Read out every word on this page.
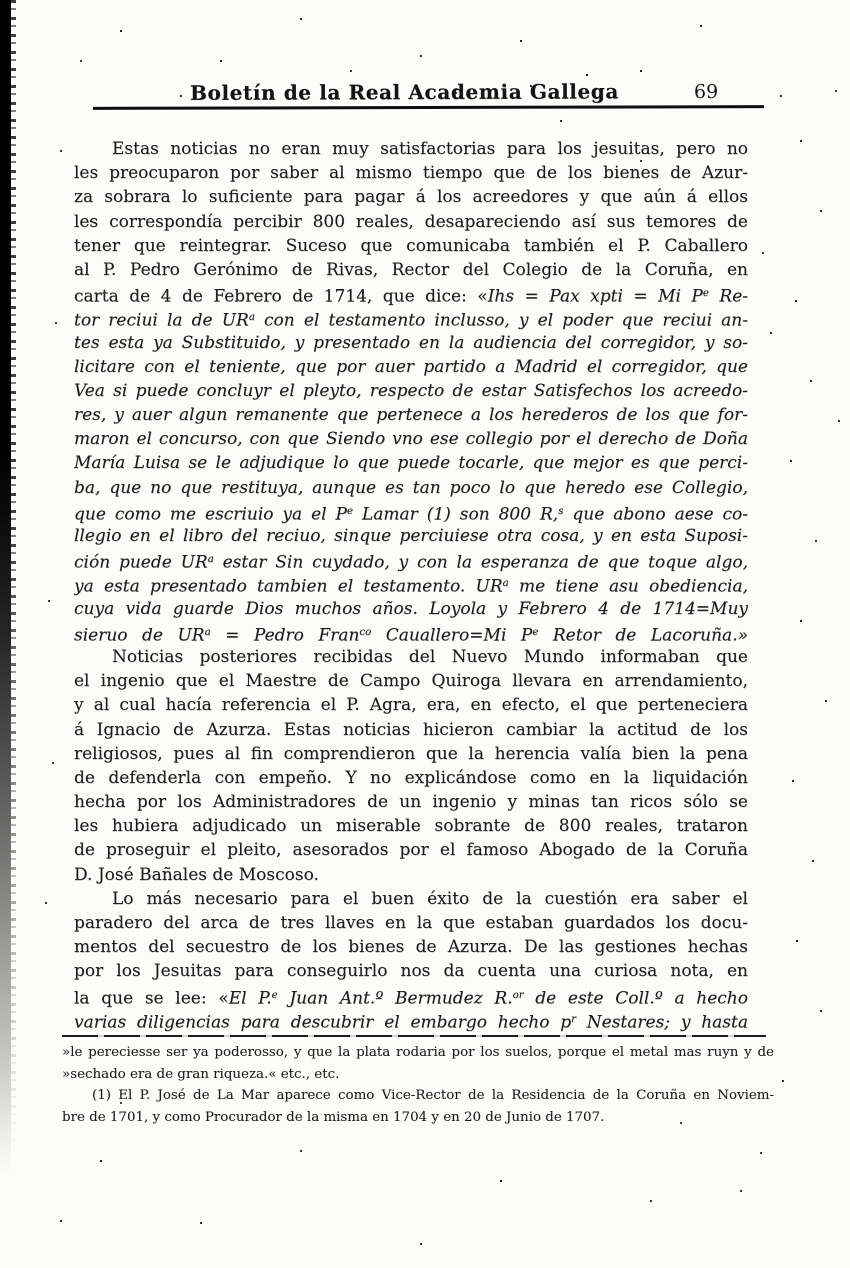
Boletín de la Real Academia Gallega	69
Estas noticias no eran muy satisfactorias para los jesuitas, pero no
les preocuparon por saber al mismo tiempo que de los bienes de Azur-
za sobrara lo suficiente para pagar á los acreedores y que aún á ellos
les correspondía percibir 800 reales, desapareciendo así sus temores de
tener que reintegrar. Suceso que comunicaba también el P. Caballero
al P. Pedro Gerónimo de Rivas, Rector del Colegio de la Coruña, en
carta de 4 de Febrero de 1714, que dice: «Ihs = Pax xpti = Mi $P^e$ Re-
tor reciui la de $UR^a$ con el testamento inclusso, y el poder que reciui an-
tes esta ya Substituido, y presentado en la audiencia del corregidor, y so-
licitare con el teniente, que por auer partido a Madrid el corregidor, que
Vea si puede concluyr el pleyto, respecto de estar Satisfechos los acreedo-
res, y auer algun remanente que pertenece a los herederos de los que for-
maron el concurso, con que Siendo vno ese collegio por el derecho de Doña
María Luisa se le adjudique lo que puede tocarle, que mejor es que perci-
ba, que no que restituya, aunque es tan poco lo que heredo ese Collegio,
que como me escriuio ya el $P^e$ Lamar (1) son 800 R,$^s$ que abono aese co-
llegio en el libro del reciuo, sinque perciuiese otra cosa, y en esta Suposi-
ción puede $UR^a$ estar Sin cuydado, y con la esperanza de que toque algo,
ya esta presentado tambien el testamento. $UR^a$ me tiene asu obediencia,
cuya vida guarde Dios muchos años. Loyola y Febrero 4 de 1714=Muy
sieruo de $UR^a$ = Pedro Fran$^{co}$ Cauallero=Mi $P^e$ Retor de Lacoruña.»
Noticias posteriores recibidas del Nuevo Mundo informaban que
el ingenio que el Maestre de Campo Quiroga llevara en arrendamiento,
y al cual hacía referencia el P. Agra, era, en efecto, el que perteneciera
á Ignacio de Azurza. Estas noticias hicieron cambiar la actitud de los
religiosos, pues al fin comprendieron que la herencia valía bien la pena
de defenderla con empeño. Y no explicándose como en la liquidación
hecha por los Administradores de un ingenio y minas tan ricos sólo se
les hubiera adjudicado un miserable sobrante de 800 reales, trataron
de proseguir el pleito, asesorados por el famoso Abogado de la Coruña
D. José Bañales de Moscoso.
Lo más necesario para el buen éxito de la cuestión era saber el
paradero del arca de tres llaves en la que estaban guardados los docu-
mentos del secuestro de los bienes de Azurza. De las gestiones hechas
por los Jesuitas para conseguirlo nos da cuenta una curiosa nota, en
la que se lee: «El P.$^e$ Juan Ant.º Bermudez R.$^{or}$ de este Coll.º a hecho
varias diligencias para descubrir el embargo hecho $p^r$ Nestares; y hasta
»le pereciesse ser ya poderosso, y que la plata rodaria por los suelos, porque el metal mas ruyn y de
»sechado era de gran riqueza.« etc., etc.
(1) El P. José de La Mar aparece como Vice-Rector de la Residencia de la Coruña en Noviem-
bre de 1701, y como Procurador de la misma en 1704 y en 20 de Junio de 1707.
